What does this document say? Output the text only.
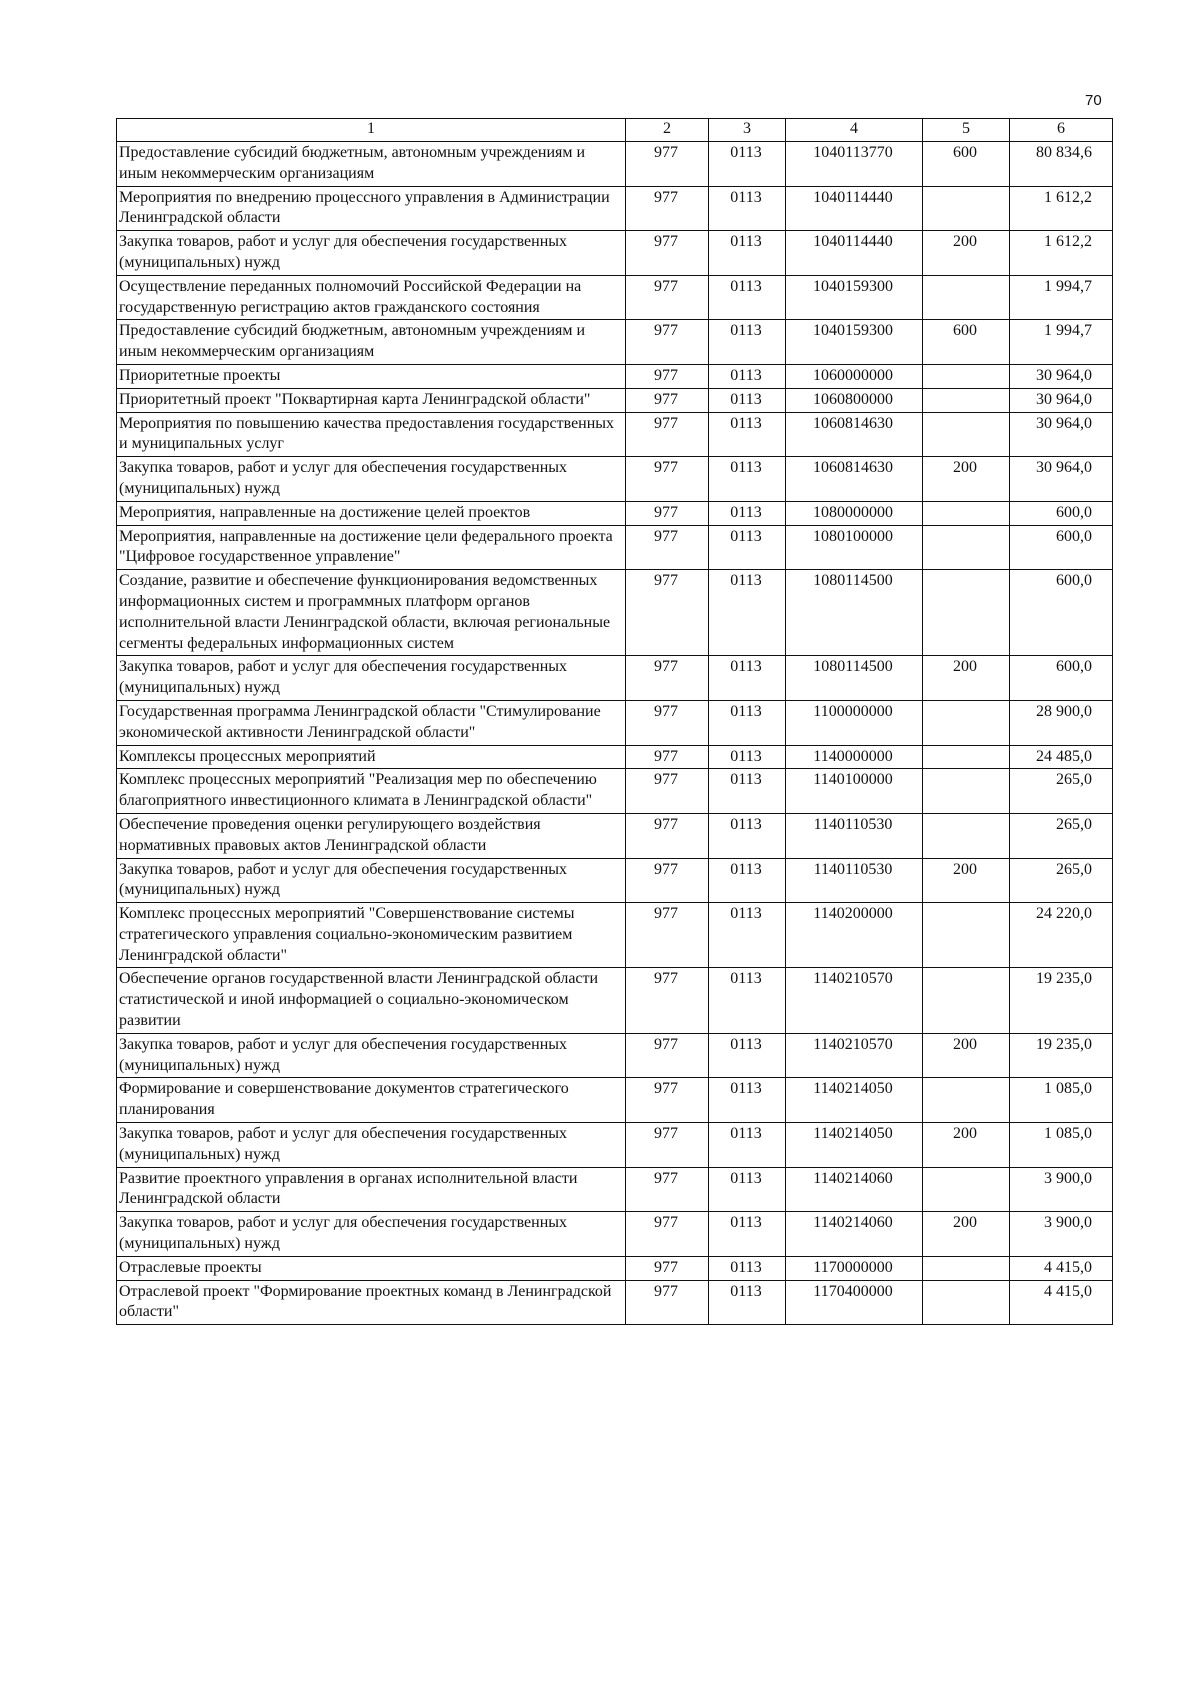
70
1	2	3	4	5	6
Предоставление субсидий бюджетным, автономным учреждениям и иным некоммерческим организациям	977	0113	1040113770	600	80 834,6
Мероприятия по внедрению процессного управления в Администрации Ленинградской области	977	0113	1040114440		1 612,2
Закупка товаров, работ и услуг для обеспечения государственных (муниципальных) нужд	977	0113	1040114440	200	1 612,2
Осуществление переданных полномочий Российской Федерации на государственную регистрацию актов гражданского состояния	977	0113	1040159300		1 994,7
Предоставление субсидий бюджетным, автономным учреждениям и иным некоммерческим организациям	977	0113	1040159300	600	1 994,7
Приоритетные проекты	977	0113	1060000000		30 964,0
Приоритетный проект "Поквартирная карта Ленинградской области"	977	0113	1060800000		30 964,0
Мероприятия по повышению качества предоставления государственных и муниципальных услуг	977	0113	1060814630		30 964,0
Закупка товаров, работ и услуг для обеспечения государственных (муниципальных) нужд	977	0113	1060814630	200	30 964,0
Мероприятия, направленные на достижение целей проектов	977	0113	1080000000		600,0
Мероприятия, направленные на достижение цели федерального проекта "Цифровое государственное управление"	977	0113	1080100000		600,0
Создание, развитие и обеспечение функционирования ведомственных информационных систем и программных платформ органов исполнительной власти Ленинградской области, включая региональные сегменты федеральных информационных систем	977	0113	1080114500		600,0
Закупка товаров, работ и услуг для обеспечения государственных (муниципальных) нужд	977	0113	1080114500	200	600,0
Государственная программа Ленинградской области "Стимулирование экономической активности Ленинградской области"	977	0113	1100000000		28 900,0
Комплексы процессных мероприятий	977	0113	1140000000		24 485,0
Комплекс процессных мероприятий "Реализация мер по обеспечению благоприятного инвестиционного климата в Ленинградской области"	977	0113	1140100000		265,0
Обеспечение проведения оценки регулирующего воздействия нормативных правовых актов Ленинградской области	977	0113	1140110530		265,0
Закупка товаров, работ и услуг для обеспечения государственных (муниципальных) нужд	977	0113	1140110530	200	265,0
Комплекс процессных мероприятий "Совершенствование системы стратегического управления социально-экономическим развитием Ленинградской области"	977	0113	1140200000		24 220,0
Обеспечение органов государственной власти Ленинградской области статистической и иной информацией о социально-экономическом развитии	977	0113	1140210570		19 235,0
Закупка товаров, работ и услуг для обеспечения государственных (муниципальных) нужд	977	0113	1140210570	200	19 235,0
Формирование и совершенствование документов стратегического планирования	977	0113	1140214050		1 085,0
Закупка товаров, работ и услуг для обеспечения государственных (муниципальных) нужд	977	0113	1140214050	200	1 085,0
Развитие проектного управления в органах исполнительной власти Ленинградской области	977	0113	1140214060		3 900,0
Закупка товаров, работ и услуг для обеспечения государственных (муниципальных) нужд	977	0113	1140214060	200	3 900,0
Отраслевые проекты	977	0113	1170000000		4 415,0
Отраслевой проект "Формирование проектных команд в Ленинградской области"	977	0113	1170400000		4 415,0
